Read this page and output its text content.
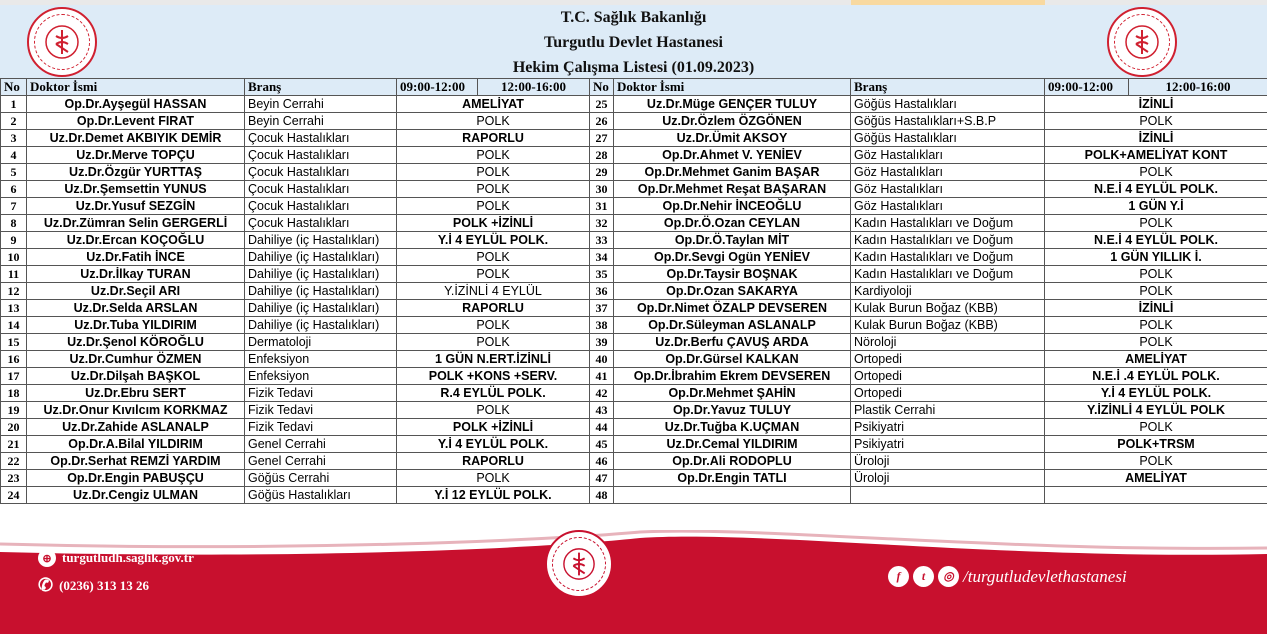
T.C. Sağlık Bakanlığı
Turgutlu Devlet Hastanesi
Hekim Çalışma Listesi (01.09.2023)
No	Doktor İsmi	Branş	09:00-12:00	12:00-16:00	No	Doktor İsmi	Branş	09:00-12:00	12:00-16:00
1	Op.Dr.Ayşegül HASSAN	Beyin Cerrahi	AMELİYAT		25	Uz.Dr.Müge GENÇER TULUY	Göğüs Hastalıkları	İZİNLİ	
2	Op.Dr.Levent FIRAT	Beyin Cerrahi	POLK		26	Uz.Dr.Özlem ÖZGÖNEN	Göğüs Hastalıkları+S.B.P	POLK	
3	Uz.Dr.Demet AKBIYIK DEMİR	Çocuk Hastalıkları	RAPORLU		27	Uz.Dr.Ümit AKSOY	Göğüs Hastalıkları	İZİNLİ	
4	Uz.Dr.Merve TOPÇU	Çocuk Hastalıkları	POLK		28	Op.Dr.Ahmet V. YENİEV	Göz Hastalıkları	POLK+AMELİYAT KONT	
5	Uz.Dr.Özgür YURTTAŞ	Çocuk Hastalıkları	POLK		29	Op.Dr.Mehmet Ganim BAŞAR	Göz Hastalıkları	POLK	
6	Uz.Dr.Şemsettin YUNUS	Çocuk Hastalıkları	POLK		30	Op.Dr.Mehmet Reşat BAŞARAN	Göz Hastalıkları	N.E.İ 4 EYLÜL POLK.	
7	Uz.Dr.Yusuf SEZGİN	Çocuk Hastalıkları	POLK		31	Op.Dr.Nehir İNCEOĞLU	Göz Hastalıkları	1 GÜN Y.İ	
8	Uz.Dr.Zümran Selin GERGERLİ	Çocuk Hastalıkları	POLK +İZİNLİ		32	Op.Dr.Ö.Ozan CEYLAN	Kadın Hastalıkları ve Doğum	POLK	
9	Uz.Dr.Ercan KOÇOĞLU	Dahiliye (iç Hastalıkları)	Y.İ 4 EYLÜL POLK.		33	Op.Dr.Ö.Taylan MİT	Kadın Hastalıkları ve Doğum	N.E.İ 4 EYLÜL POLK.	
10	Uz.Dr.Fatih İNCE	Dahiliye (iç Hastalıkları)	POLK		34	Op.Dr.Sevgi Ogün YENİEV	Kadın Hastalıkları ve Doğum	1 GÜN YILLIK İ.	
11	Uz.Dr.İlkay TURAN	Dahiliye (iç Hastalıkları)	POLK		35	Op.Dr.Taysir BOŞNAK	Kadın Hastalıkları ve Doğum	POLK	
12	Uz.Dr.Seçil ARI	Dahiliye (iç Hastalıkları)	Y.İZİNLİ 4 EYLÜL		36	Op.Dr.Ozan SAKARYA	Kardiyoloji	POLK	
13	Uz.Dr.Selda ARSLAN	Dahiliye (iç Hastalıkları)	RAPORLU		37	Op.Dr.Nimet ÖZALP DEVSEREN	Kulak Burun Boğaz (KBB)	İZİNLİ	
14	Uz.Dr.Tuba YILDIRIM	Dahiliye (iç Hastalıkları)	POLK		38	Op.Dr.Süleyman ASLANALP	Kulak Burun Boğaz (KBB)	POLK	
15	Uz.Dr.Şenol KÖROĞLU	Dermatoloji	POLK		39	Uz.Dr.Berfu ÇAVUŞ ARDA	Nöroloji	POLK	
16	Uz.Dr.Cumhur ÖZMEN	Enfeksiyon	1 GÜN N.ERT.İZİNLİ		40	Op.Dr.Gürsel KALKAN	Ortopedi	AMELİYAT	
17	Uz.Dr.Dilşah BAŞKOL	Enfeksiyon	POLK +KONS +SERV.		41	Op.Dr.İbrahim Ekrem DEVSEREN	Ortopedi	N.E.İ .4 EYLÜL POLK.	
18	Uz.Dr.Ebru SERT	Fizik Tedavi	R.4 EYLÜL POLK.		42	Op.Dr.Mehmet ŞAHİN	Ortopedi	Y.İ 4 EYLÜL POLK.	
19	Uz.Dr.Onur Kıvılcım KORKMAZ	Fizik Tedavi	POLK		43	Op.Dr.Yavuz TULUY	Plastik Cerrahi	Y.İZİNLİ 4 EYLÜL POLK	
20	Uz.Dr.Zahide ASLANALP	Fizik Tedavi	POLK +İZİNLİ		44	Uz.Dr.Tuğba K.UÇMAN	Psikiyatri	POLK	
21	Op.Dr.A.Bilal YILDIRIM	Genel Cerrahi	Y.İ 4 EYLÜL POLK.		45	Uz.Dr.Cemal YILDIRIM	Psikiyatri	POLK+TRSM	
22	Op.Dr.Serhat REMZİ YARDIM	Genel Cerrahi	RAPORLU		46	Op.Dr.Ali RODOPLU	Üroloji	POLK	
23	Op.Dr.Engin PABUŞÇU	Göğüs Cerrahi	POLK		47	Op.Dr.Engin TATLI	Üroloji	AMELİYAT	
24	Uz.Dr.Cengiz ULMAN	Göğüs Hastalıkları	Y.İ 12 EYLÜL POLK.		48				
⊕ turgutludh.saglik.gov.tr
✆ (0236) 313 13 26
f	t	◎ /turgutludevlethastanesi
